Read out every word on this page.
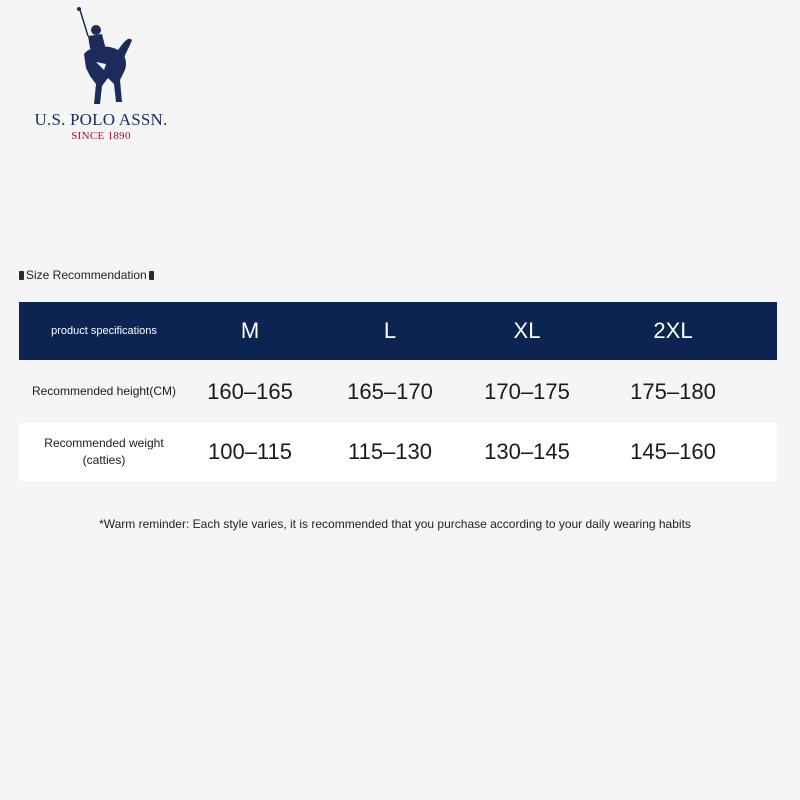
U.S. POLO ASSN.
SINCE 1890
Size Recommendation
product specifications	M	L	XL	2XL
Recommended height(CM)	160–165	165–170	170–175	175–180
Recommended weight
(catties)	100–115	115–130	130–145	145–160
*Warm reminder: Each style varies, it is recommended that you purchase according to your daily wearing habits
